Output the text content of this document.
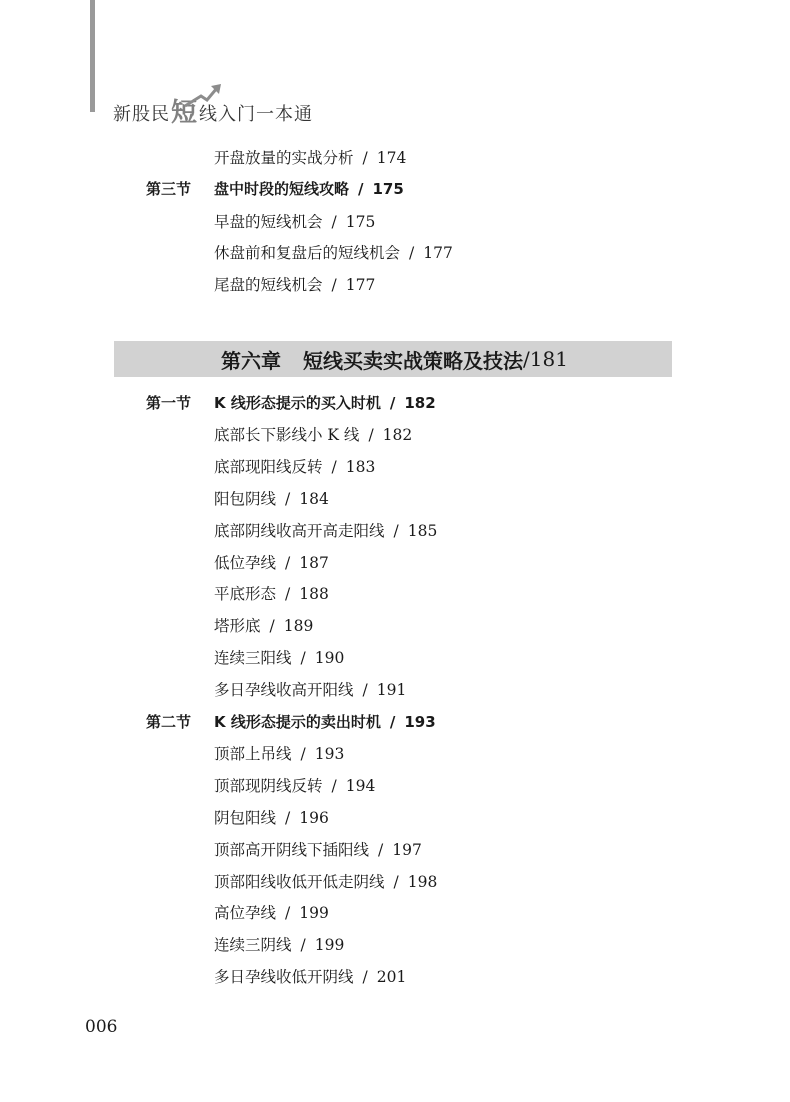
新股民 短 线入门一本通
开盘放量的实战分析 / 174
第三节 盘中时段的短线攻略 / 175
早盘的短线机会 / 175
休盘前和复盘后的短线机会 / 177
尾盘的短线机会 / 177
第一节 K 线形态提示的买入时机 / 182
底部长下影线小 K 线 / 182
底部现阳线反转 / 183
阳包阴线 / 184
底部阴线收高开高走阳线 / 185
低位孕线 / 187
平底形态 / 188
塔形底 / 189
连续三阳线 / 190
多日孕线收高开阳线 / 191
第二节 K 线形态提示的卖出时机 / 193
顶部上吊线 / 193
顶部现阴线反转 / 194
阴包阳线 / 196
顶部高开阴线下插阳线 / 197
顶部阳线收低开低走阴线 / 198
高位孕线 / 199
连续三阴线 / 199
多日孕线收低开阴线 / 201
第六章 短线买卖实战策略及技法 /181
006
